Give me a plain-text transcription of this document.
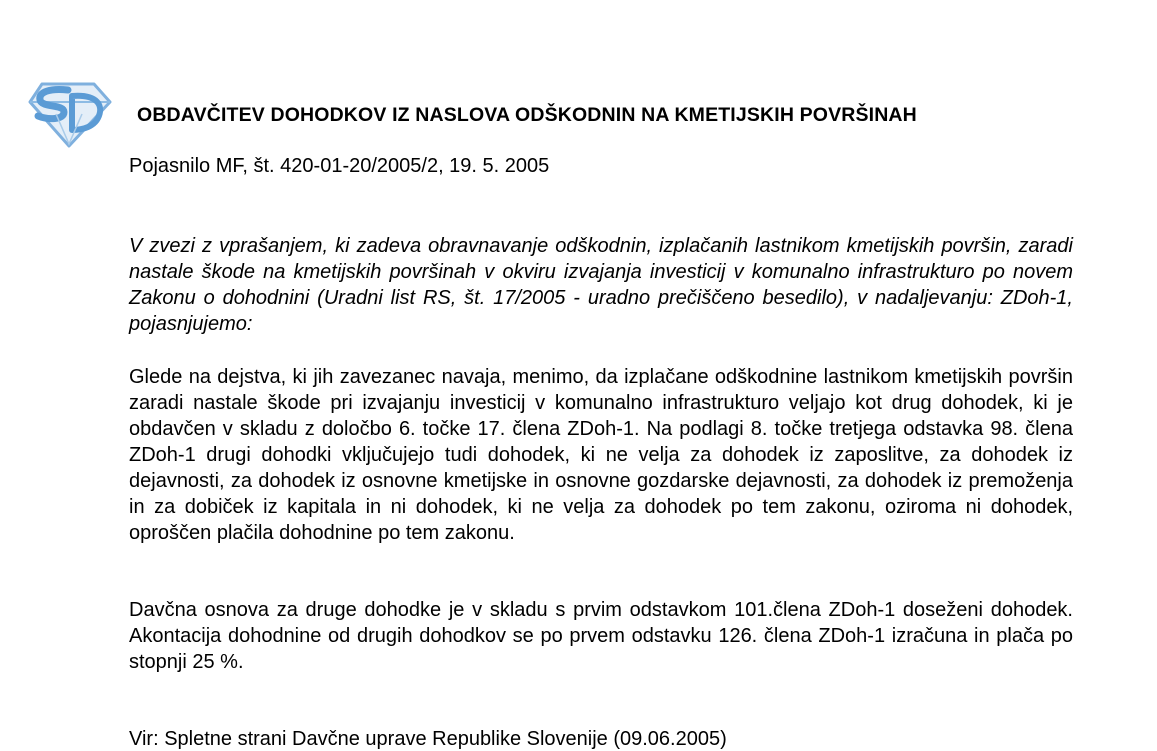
OBDAVČITEV DOHODKOV IZ NASLOVA ODŠKODNIN NA KMETIJSKIH POVRŠINAH
Pojasnilo MF, št. 420-01-20/2005/2, 19. 5. 2005

V zvezi z vprašanjem, ki zadeva obravnavanje odškodnin, izplačanih lastnikom kmetijskih površin, zaradi nastale škode na kmetijskih površinah v okviru izvajanja investicij v komunalno infrastrukturo po novem Zakonu o dohodnini (Uradni list RS, št. 17/2005 - uradno prečiščeno besedilo), v nadaljevanju: ZDoh-1, pojasnjujemo:

Glede na dejstva, ki jih zavezanec navaja, menimo, da izplačane odškodnine lastnikom kmetijskih površin zaradi nastale škode pri izvajanju investicij v komunalno infrastrukturo veljajo kot drug dohodek, ki je obdavčen v skladu z določbo 6. točke 17. člena ZDoh-1. Na podlagi 8. točke tretjega odstavka 98. člena ZDoh-1 drugi dohodki vključujejo tudi dohodek, ki ne velja za dohodek iz zaposlitve, za dohodek iz dejavnosti, za dohodek iz osnovne kmetijske in osnovne gozdarske dejavnosti, za dohodek iz premoženja in za dobiček iz kapitala in ni dohodek, ki ne velja za dohodek po tem zakonu, oziroma ni dohodek, oproščen plačila dohodnine po tem zakonu.

Davčna osnova za druge dohodke je v skladu s prvim odstavkom 101.člena ZDoh-1 doseženi dohodek. Akontacija dohodnine od drugih dohodkov se po prvem odstavku 126. člena ZDoh-1 izračuna in plača po stopnji 25 %.

Vir: Spletne strani Davčne uprave Republike Slovenije (09.06.2005)
